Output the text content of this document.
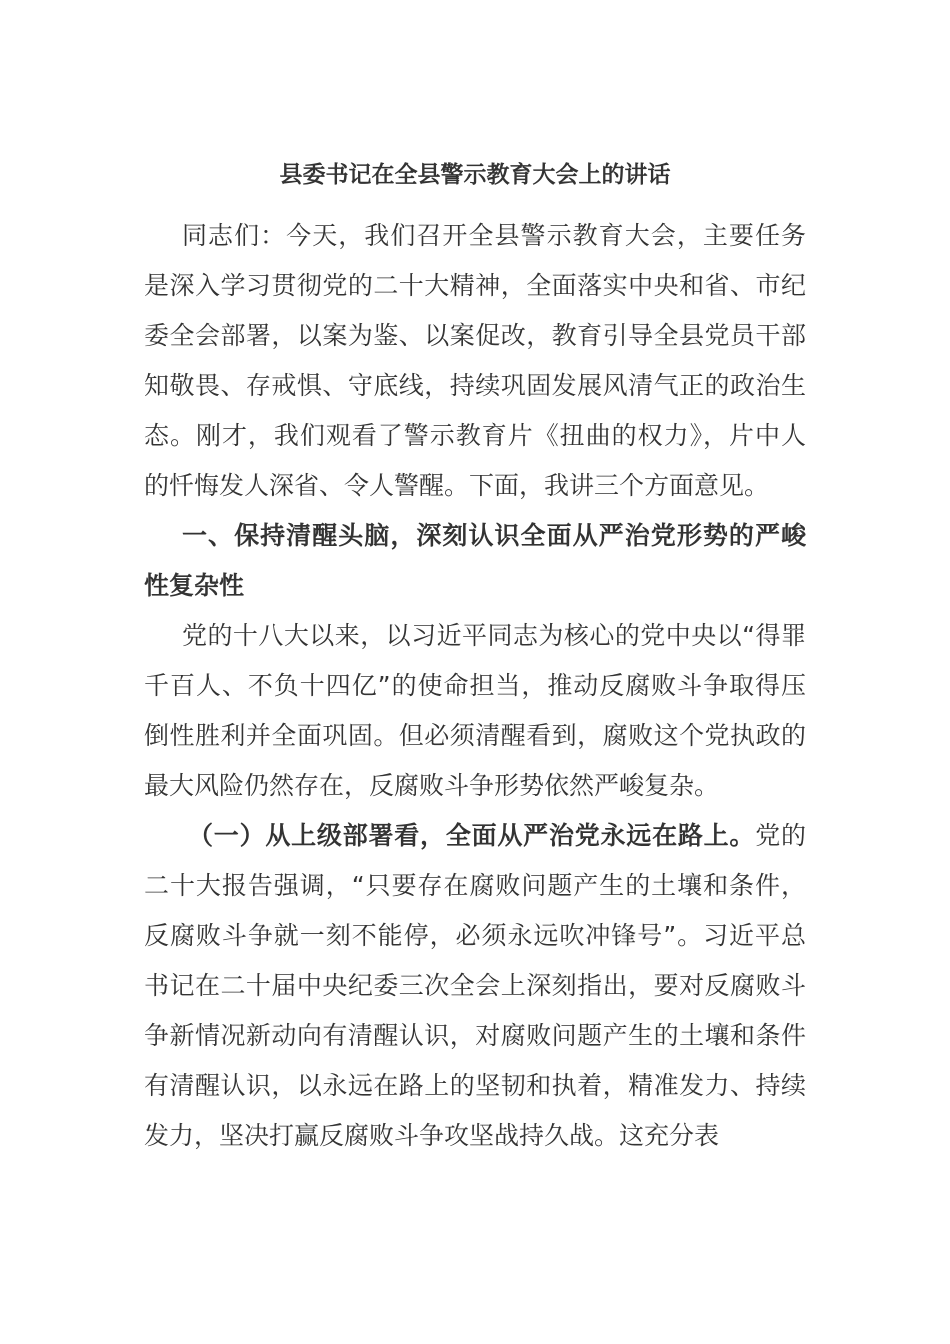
县委书记在全县警示教育大会上的讲话

同志们：今天，我们召开全县警示教育大会，主要任务是深入学习贯彻党的二十大精神，全面落实中央和省、市纪委全会部署，以案为鉴、以案促改，教育引导全县党员干部知敬畏、存戒惧、守底线，持续巩固发展风清气正的政治生态。刚才，我们观看了警示教育片《扭曲的权力》，片中人的忏悔发人深省、令人警醒。下面，我讲三个方面意见。

一、保持清醒头脑，深刻认识全面从严治党形势的严峻性复杂性

党的十八大以来，以习近平同志为核心的党中央以“得罪千百人、不负十四亿”的使命担当，推动反腐败斗争取得压倒性胜利并全面巩固。但必须清醒看到，腐败这个党执政的最大风险仍然存在，反腐败斗争形势依然严峻复杂。

（一）从上级部署看，全面从严治党永远在路上。党的二十大报告强调，“只要存在腐败问题产生的土壤和条件，反腐败斗争就一刻不能停，必须永远吹冲锋号”。习近平总书记在二十届中央纪委三次全会上深刻指出，要对反腐败斗争新情况新动向有清醒认识，对腐败问题产生的土壤和条件有清醒认识，以永远在路上的坚韧和执着，精准发力、持续发力，坚决打赢反腐败斗争攻坚战持久战。这充分表
